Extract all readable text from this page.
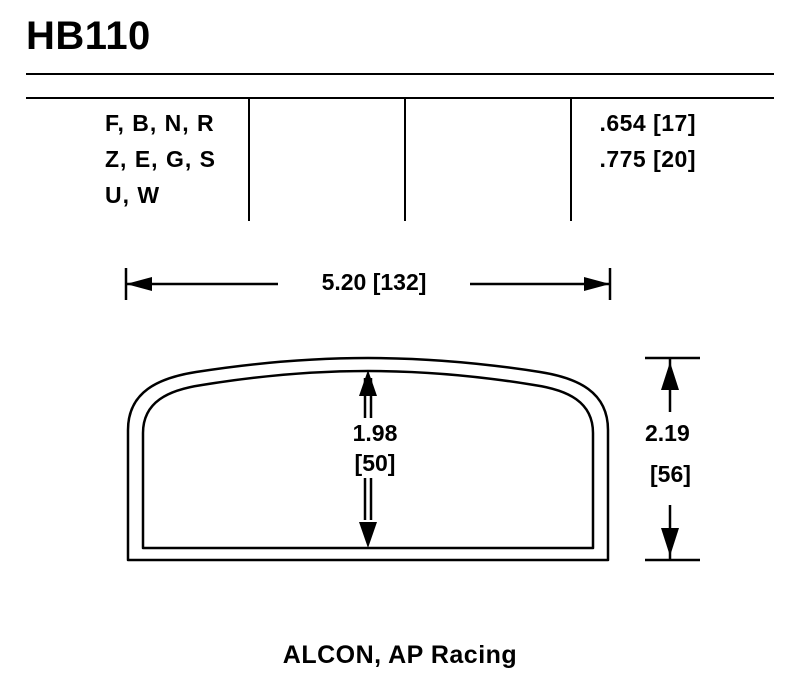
HB110
F, B, N, R
Z, E, G, S
U, W
.654 [17]
.775 [20]
1.98
[50]
5.20 [132]
2.19
[56]
ALCON, AP Racing
